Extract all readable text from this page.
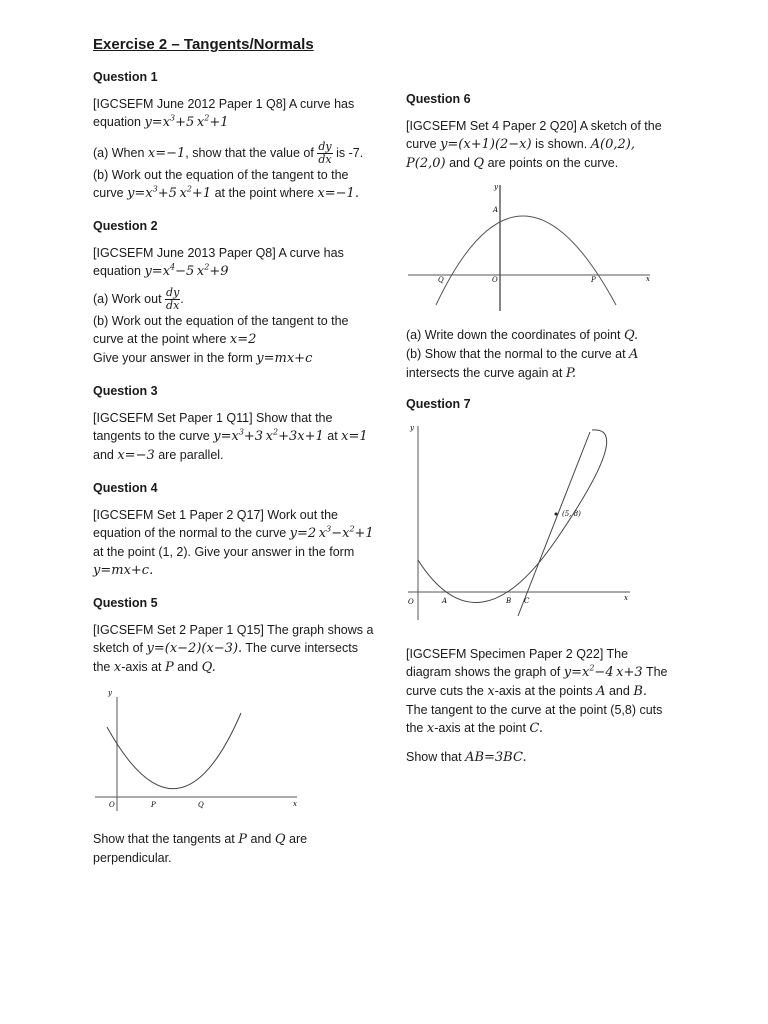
Exercise 2 – Tangents/Normals

Question 1

[IGCSEFM June 2012 Paper 1 Q8] A curve has equation $y=x^3+5$ $x^2+1$

(a) When x=−1, show that the value of $\frac{dy}{dx}$ is -7.

(b) Work out the equation of the tangent to the curve $y=x^3+5$ $x^2+1$ at the point where x=−1.

Question 2

[IGCSEFM June 2013 Paper Q8] A curve has equation $y=x^4-5$ $x^2+9$

(a) Work out $\frac{dy}{dx}$ .

(b) Work out the equation of the tangent to the curve at the point where x=2
Give your answer in the form y=mx+c

Question 3

[IGCSEFM Set Paper 1 Q11] Show that the tangents to the curve $y=x^3+3$ $x^2+3x+1$ at x=1 and x=−3 are parallel.

Question 4

[IGCSEFM Set 1 Paper 2 Q17] Work out the equation of the normal to the curve y=2 $x^3-x^2+1$ at the point (1, 2). Give your answer in the form y=mx+c.

Question 5

[IGCSEFM Set 2 Paper 1 Q15] The graph shows a sketch of y=(x−2)(x−3). The curve intersects the x-axis at P and Q.

y
x
O	P	Q

Show that the tangents at P and Q are perpendicular.

Question 6

[IGCSEFM Set 4 Paper 2 Q20] A sketch of the curve y=(x+1)(2−x) is shown. A(0,2), P(2,0) and Q are points on the curve.

y
x
A
O	P
Q

(a) Write down the coordinates of point Q.

(b) Show that the normal to the curve at A intersects the curve again at P.

Question 7

y
x
O	A	B C
(5, 8)

[IGCSEFM Specimen Paper 2 Q22] The diagram shows the graph of $y=x^2-4$ x+3 The curve cuts the x-axis at the points A and B.
The tangent to the curve at the point (5,8) cuts the x-axis at the point C.

Show that AB=3BC.
